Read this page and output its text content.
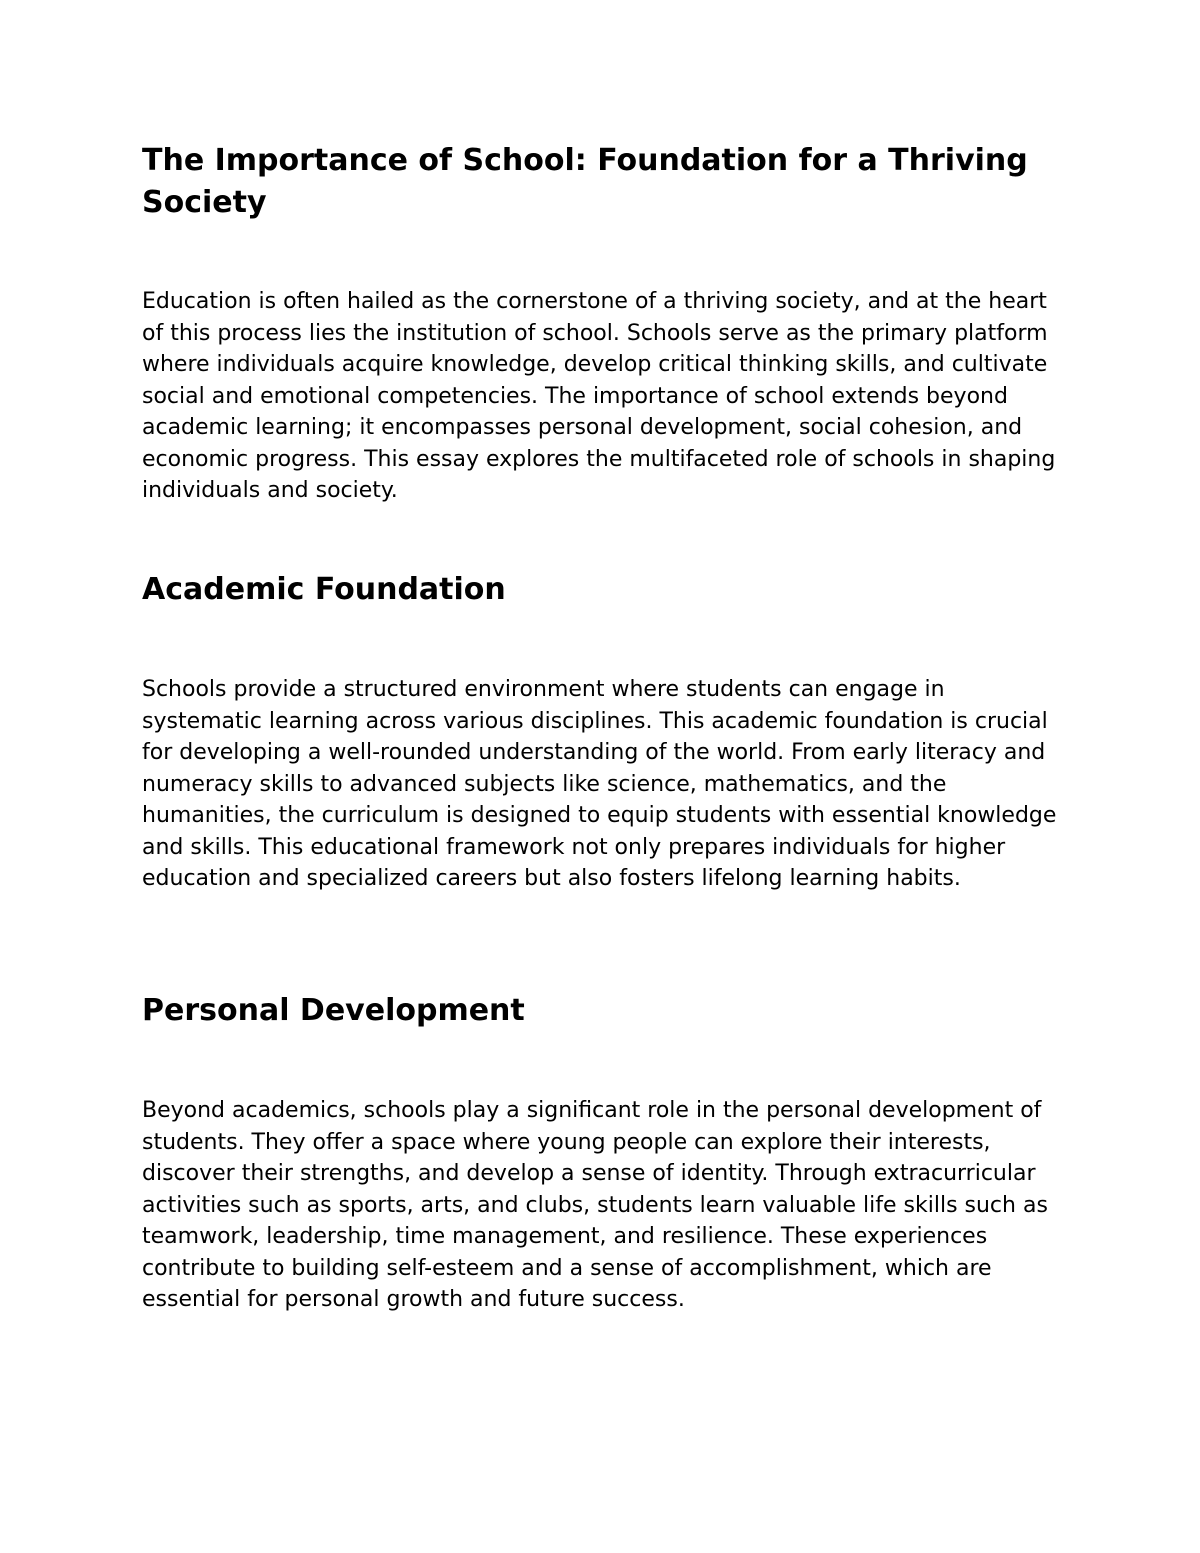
The Importance of School: Foundation for a Thriving Society

Education is often hailed as the cornerstone of a thriving society, and at the heart of this process lies the institution of school. Schools serve as the primary platform where individuals acquire knowledge, develop critical thinking skills, and cultivate social and emotional competencies. The importance of school extends beyond academic learning; it encompasses personal development, social cohesion, and economic progress. This essay explores the multifaceted role of schools in shaping individuals and society.

Academic Foundation

Schools provide a structured environment where students can engage in systematic learning across various disciplines. This academic foundation is crucial for developing a well-rounded understanding of the world. From early literacy and numeracy skills to advanced subjects like science, mathematics, and the humanities, the curriculum is designed to equip students with essential knowledge and skills. This educational framework not only prepares individuals for higher education and specialized careers but also fosters lifelong learning habits.

Personal Development

Beyond academics, schools play a significant role in the personal development of students. They offer a space where young people can explore their interests, discover their strengths, and develop a sense of identity. Through extracurricular activities such as sports, arts, and clubs, students learn valuable life skills such as teamwork, leadership, time management, and resilience. These experiences contribute to building self-esteem and a sense of accomplishment, which are essential for personal growth and future success.
